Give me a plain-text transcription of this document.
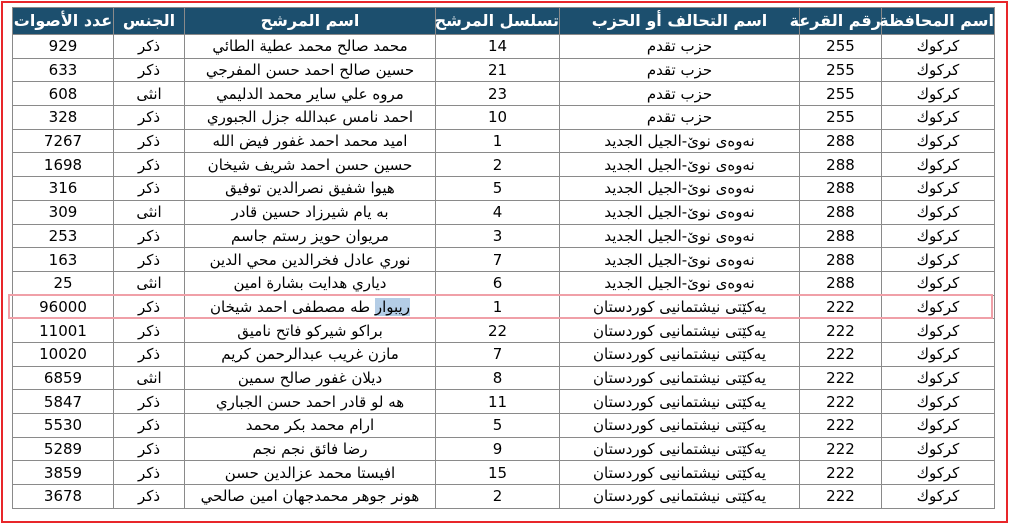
اسم المحافظة	رقم القرعة	اسم التحالف أو الحزب	تسلسل المرشح	اسم المرشح	الجنس	عدد الأصوات
كركوك	255	حزب تقدم	14	محمد صالح محمد عطية الطائي	ذكر	929
كركوك	255	حزب تقدم	21	حسين صالح احمد حسن المفرجي	ذكر	633
كركوك	255	حزب تقدم	23	مروه علي ساير محمد الدليمي	انثى	608
كركوك	255	حزب تقدم	10	احمد نامس عبدالله جزل الجبوري	ذكر	328
كركوك	288	نەوەی نوێ-الجيل الجديد	1	اميد محمد احمد غفور فيض الله	ذكر	7267
كركوك	288	نەوەی نوێ-الجيل الجديد	2	حسين حسن احمد شريف شيخان	ذكر	1698
كركوك	288	نەوەی نوێ-الجيل الجديد	5	هيوا شفيق نصرالدين توفيق	ذكر	316
كركوك	288	نەوەی نوێ-الجيل الجديد	4	به يام شيرزاد حسين قادر	انثى	309
كركوك	288	نەوەی نوێ-الجيل الجديد	3	مريوان حويز رستم جاسم	ذكر	253
كركوك	288	نەوەی نوێ-الجيل الجديد	7	نوري عادل فخرالدين محي الدين	ذكر	163
كركوك	288	نەوەی نوێ-الجيل الجديد	6	دياري هدايت بشارة امين	انثى	25
كركوك	222	یەکێتی نیشتمانیی کوردستان	1	ريبوار طه مصطفى احمد شيخان	ذكر	96000
كركوك	222	یەکێتی نیشتمانیی کوردستان	22	براكو شيركو فاتح نامیق	ذكر	11001
كركوك	222	یەکێتی نیشتمانیی کوردستان	7	مازن غريب عبدالرحمن كريم	ذكر	10020
كركوك	222	یەکێتی نیشتمانیی کوردستان	8	ديلان غفور صالح سمين	انثى	6859
كركوك	222	یەکێتی نیشتمانیی کوردستان	11	هه لو قادر احمد حسن الجباري	ذكر	5847
كركوك	222	یەکێتی نیشتمانیی کوردستان	5	ارام محمد بكر محمد	ذكر	5530
كركوك	222	یەکێتی نیشتمانیی کوردستان	9	رضا فائق نجم نجم	ذكر	5289
كركوك	222	یەکێتی نیشتمانیی کوردستان	15	افيستا محمد عزالدين حسن	ذكر	3859
كركوك	222	یەکێتی نیشتمانیی کوردستان	2	هونر جوهر محمدجهان امين صالحي	ذكر	3678
